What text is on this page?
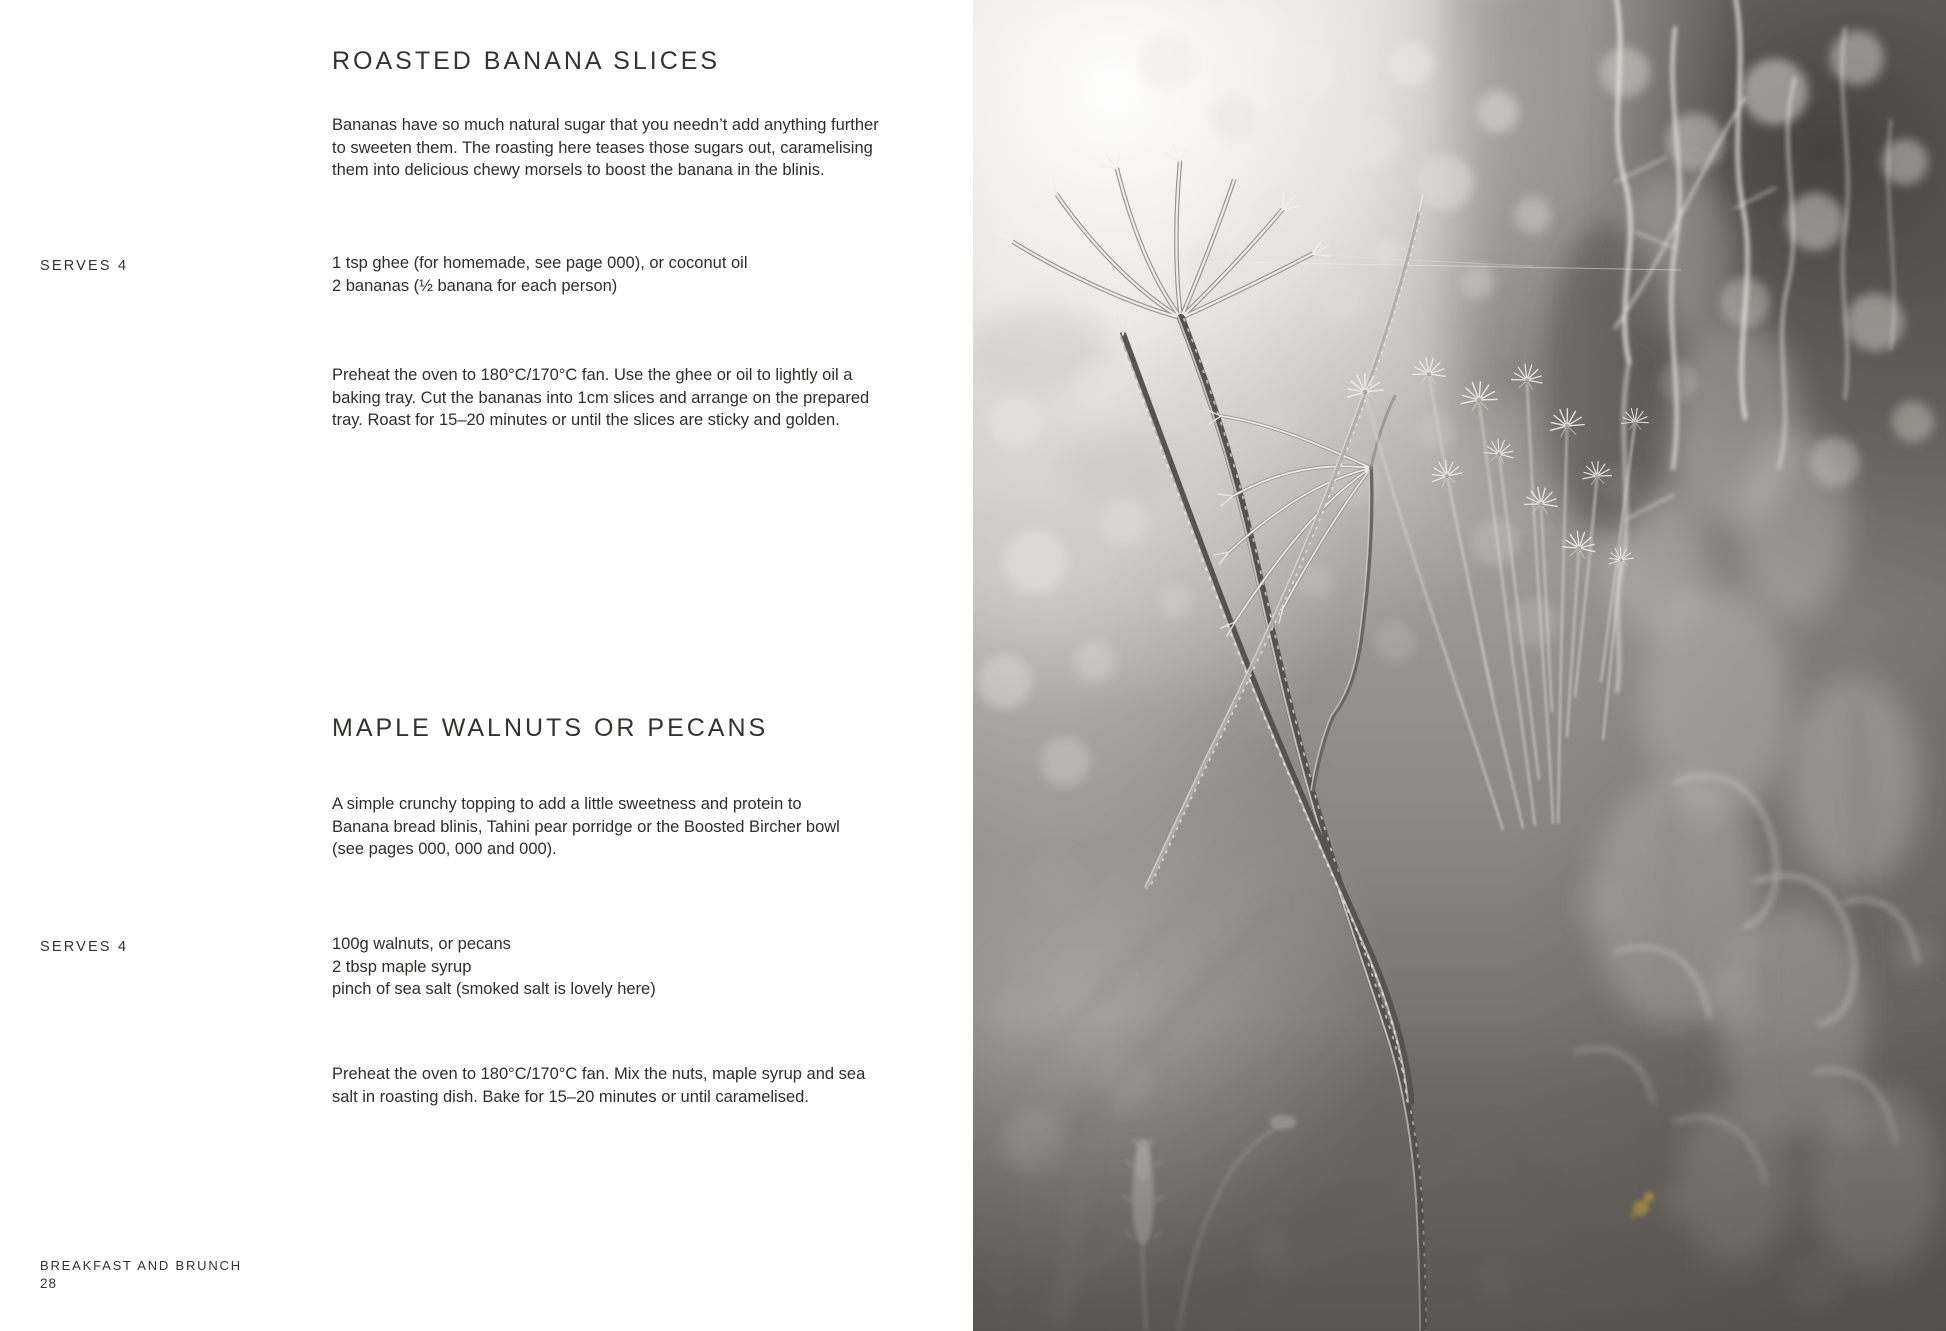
ROASTED BANANA SLICES
Bananas have so much natural sugar that you needn’t add anything further
to sweeten them. The roasting here teases those sugars out, caramelising
them into delicious chewy morsels to boost the banana in the blinis.
SERVES 4	1 tsp ghee (for homemade, see page 000), or coconut oil
2 bananas (½ banana for each person)
Preheat the oven to 180°C/170°C fan. Use the ghee or oil to lightly oil a
baking tray. Cut the bananas into 1cm slices and arrange on the prepared
tray. Roast for 15–20 minutes or until the slices are sticky and golden.
MAPLE WALNUTS OR PECANS
A simple crunchy topping to add a little sweetness and protein to
Banana bread blinis, Tahini pear porridge or the Boosted Bircher bowl
(see pages 000, 000 and 000).
SERVES 4	100g walnuts, or pecans
2 tbsp maple syrup
pinch of sea salt (smoked salt is lovely here)
Preheat the oven to 180°C/170°C fan. Mix the nuts, maple syrup and sea
salt in roasting dish. Bake for 15–20 minutes or until caramelised.
BREAKFAST AND BRUNCH
28
